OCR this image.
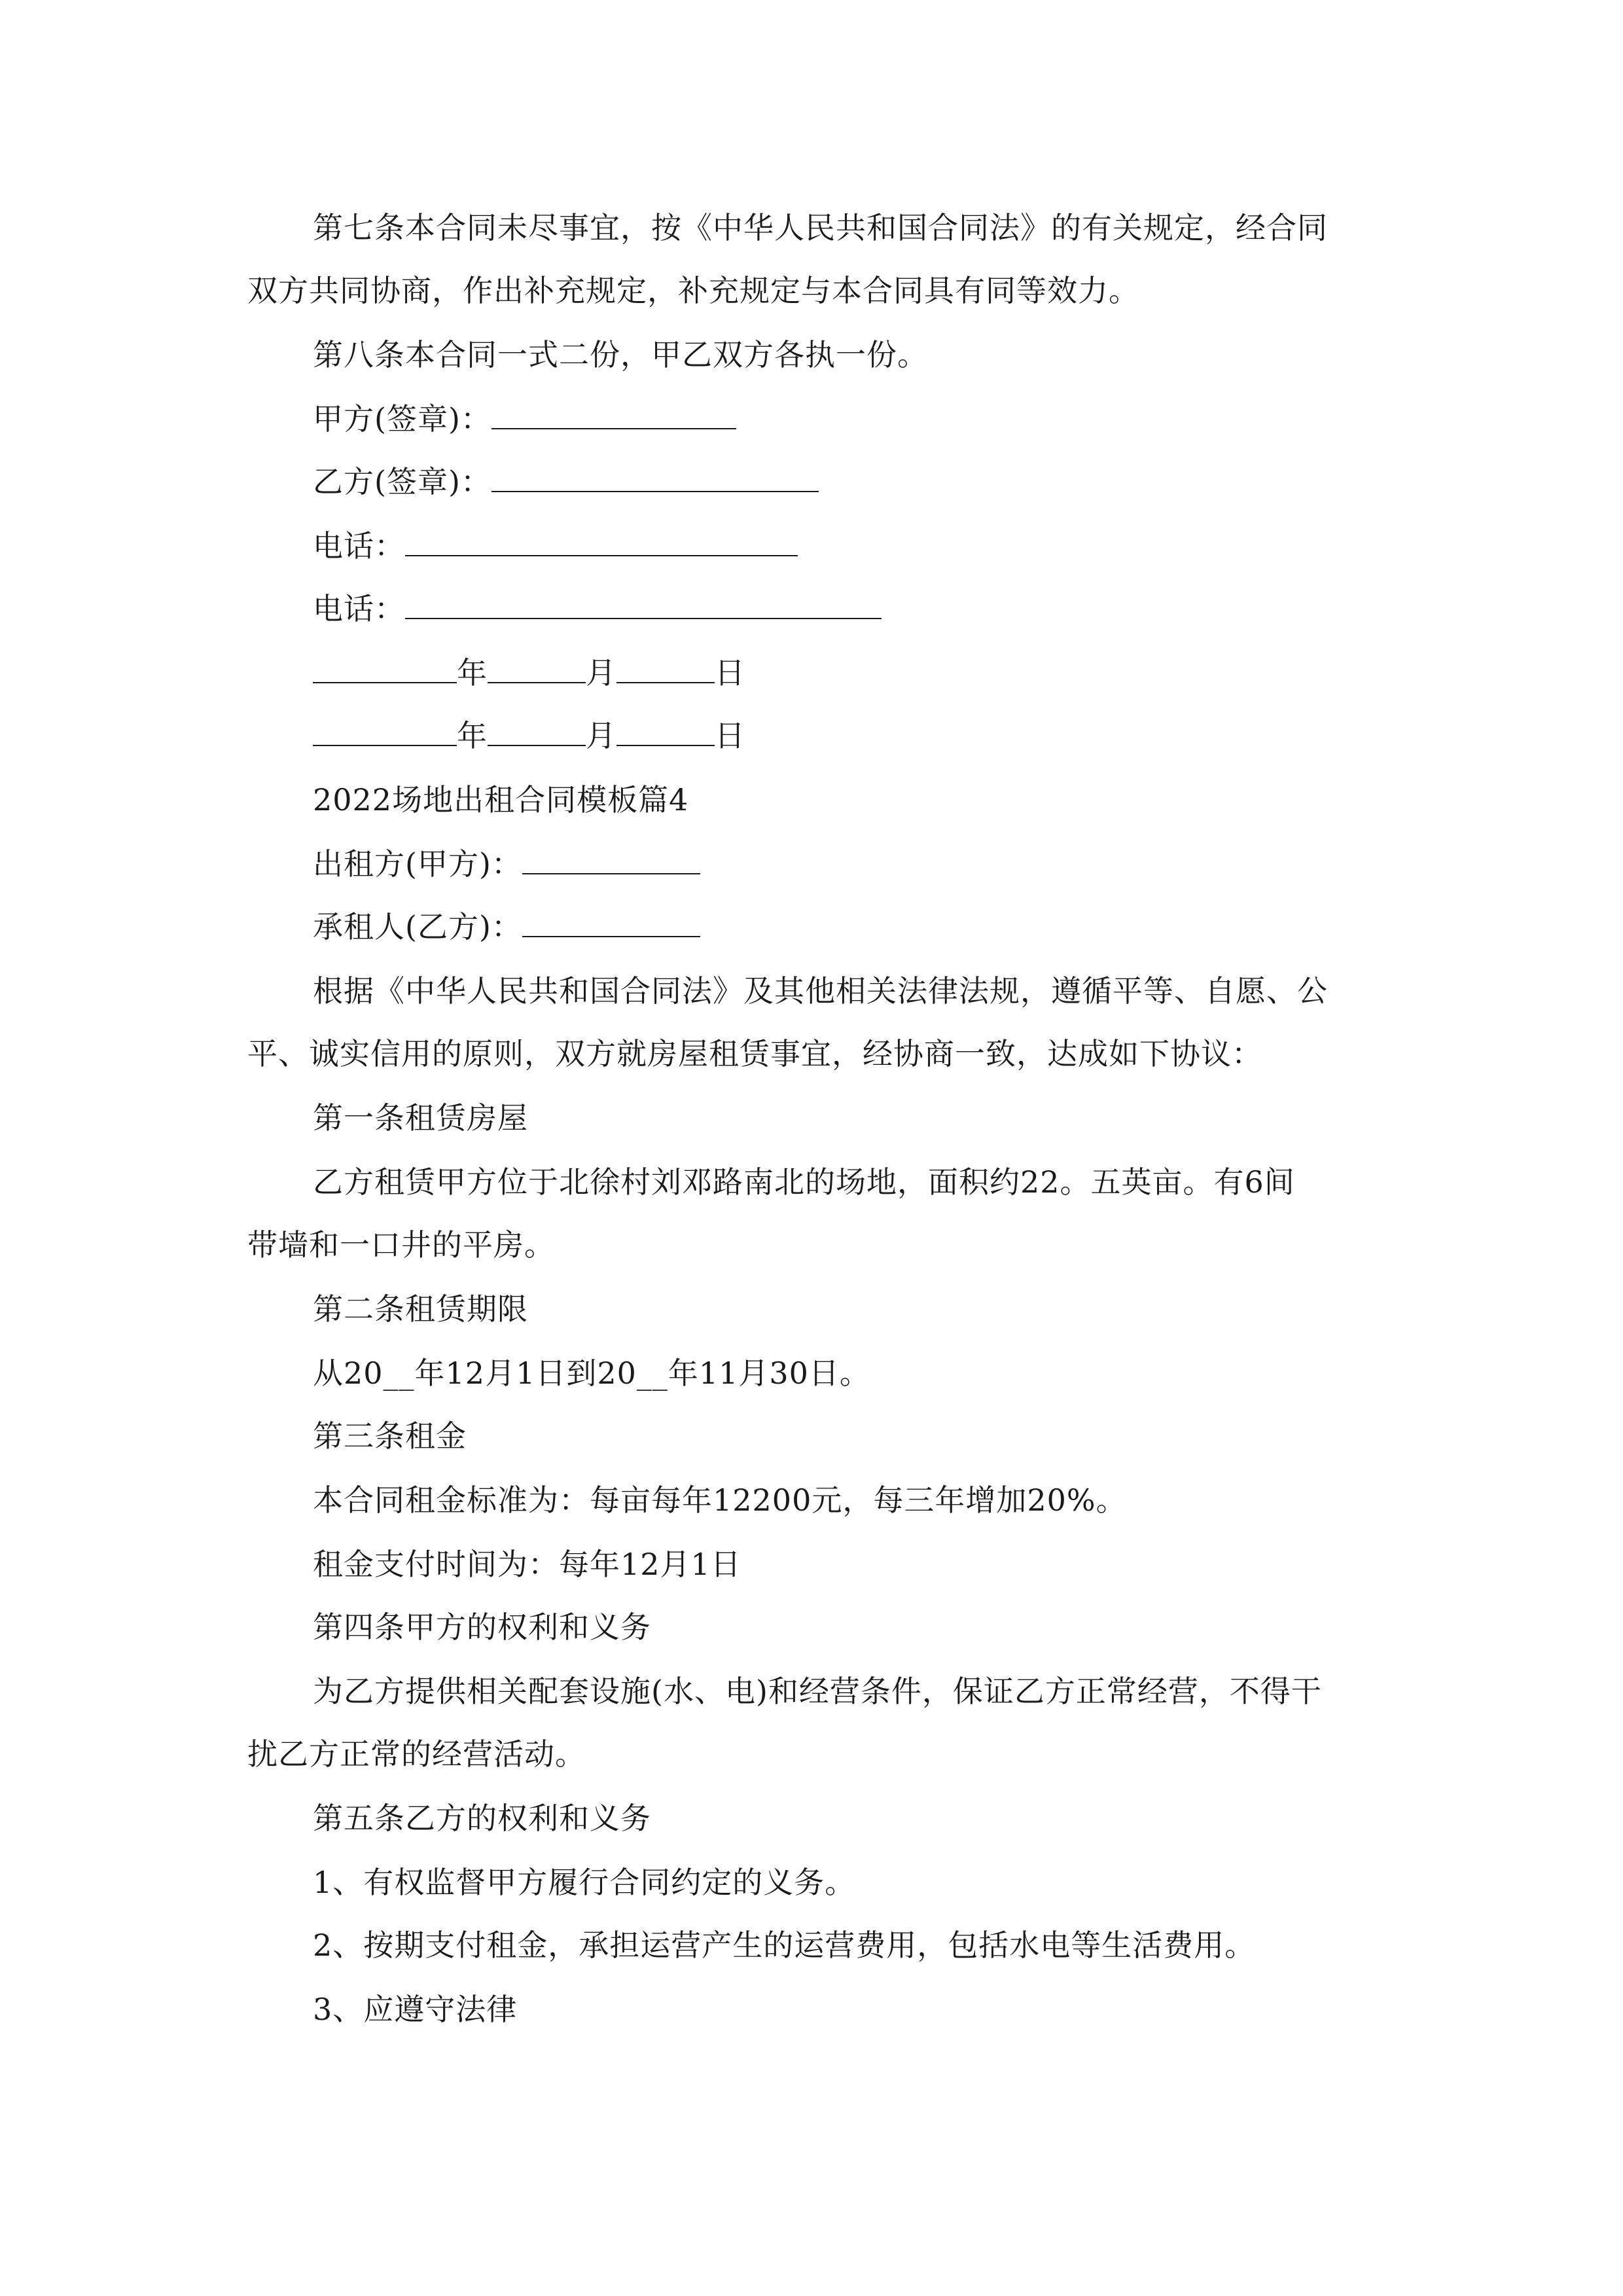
第七条本合同未尽事宜，按《中华人民共和国合同法》的有关规定，经合同
双方共同协商，作出补充规定，补充规定与本合同具有同等效力。
第八条本合同一式二份，甲乙双方各执一份。
甲方(签章)：
乙方(签章)：
电话：
电话：
年	月	日
年	月	日
2022场地出租合同模板篇4
出租方(甲方)：
承租人(乙方)：
根据《中华人民共和国合同法》及其他相关法律法规，遵循平等、自愿、公
平、诚实信用的原则，双方就房屋租赁事宜，经协商一致，达成如下协议：
第一条租赁房屋
乙方租赁甲方位于北徐村刘邓路南北的场地，面积约22。五英亩。有6间
带墙和一口井的平房。
第二条租赁期限
从20__年12月1日到20__年11月30日。
第三条租金
本合同租金标准为：每亩每年12200元，每三年增加20%。
租金支付时间为：每年12月1日
第四条甲方的权利和义务
为乙方提供相关配套设施(水、电)和经营条件，保证乙方正常经营，不得干
扰乙方正常的经营活动。
第五条乙方的权利和义务
1、有权监督甲方履行合同约定的义务。
2、按期支付租金，承担运营产生的运营费用，包括水电等生活费用。
3、应遵守法律
